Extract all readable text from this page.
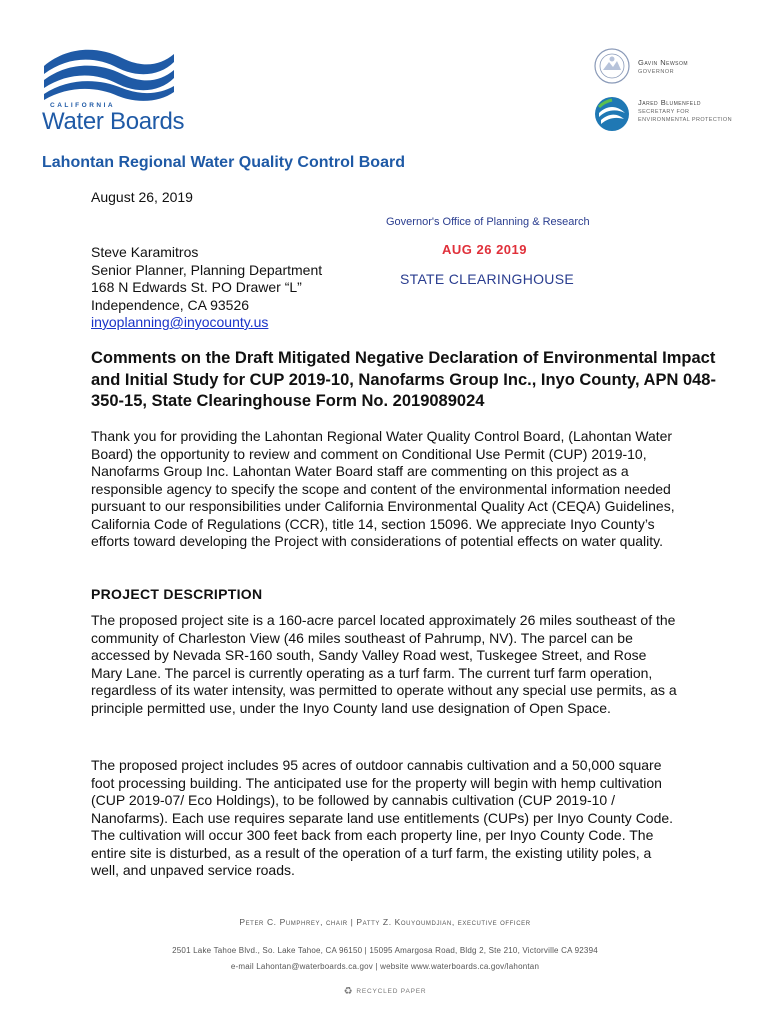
CALIFORNIA
Water Boards
Gavin Newsom
GOVERNOR
Jared Blumenfeld
SECRETARY FOR
ENVIRONMENTAL PROTECTION
Lahontan Regional Water Quality Control Board
Governor's Office of Planning & Research
AUG 26 2019
STATE CLEARINGHOUSE
August 26, 2019
Steve Karamitros
Senior Planner, Planning Department
168 N Edwards St. PO Drawer “L”
Independence, CA 93526
inyoplanning@inyocounty.us
Comments on the Draft Mitigated Negative Declaration of Environmental Impact and Initial Study for CUP 2019-10, Nanofarms Group Inc., Inyo County, APN 048-350-15, State Clearinghouse Form No. 2019089024

Thank you for providing the Lahontan Regional Water Quality Control Board, (Lahontan Water Board) the opportunity to review and comment on Conditional Use Permit (CUP) 2019-10, Nanofarms Group Inc. Lahontan Water Board staff are commenting on this project as a responsible agency to specify the scope and content of the environmental information needed pursuant to our responsibilities under California Environmental Quality Act (CEQA) Guidelines, California Code of Regulations (CCR), title 14, section 15096. We appreciate Inyo County’s efforts toward developing the Project with considerations of potential effects on water quality.

PROJECT DESCRIPTION

The proposed project site is a 160-acre parcel located approximately 26 miles southeast of the community of Charleston View (46 miles southeast of Pahrump, NV). The parcel can be accessed by Nevada SR-160 south, Sandy Valley Road west, Tuskegee Street, and Rose Mary Lane. The parcel is currently operating as a turf farm. The current turf farm operation, regardless of its water intensity, was permitted to operate without any special use permits, as a principle permitted use, under the Inyo County land use designation of Open Space.

The proposed project includes 95 acres of outdoor cannabis cultivation and a 50,000 square foot processing building. The anticipated use for the property will begin with hemp cultivation (CUP 2019-07/ Eco Holdings), to be followed by cannabis cultivation (CUP 2019-10 / Nanofarms). Each use requires separate land use entitlements (CUPs) per Inyo County Code. The cultivation will occur 300 feet back from each property line, per Inyo County Code. The entire site is disturbed, as a result of the operation of a turf farm, the existing utility poles, a well, and unpaved service roads.

Peter C. Pumphrey, chair | Patty Z. Kouyoumdjian, executive officer
2501 Lake Tahoe Blvd., So. Lake Tahoe, CA 96150 | 15095 Amargosa Road, Bldg 2, Ste 210, Victorville CA 92394
e-mail Lahontan@waterboards.ca.gov | website www.waterboards.ca.gov/lahontan
♻ RECYCLED PAPER
